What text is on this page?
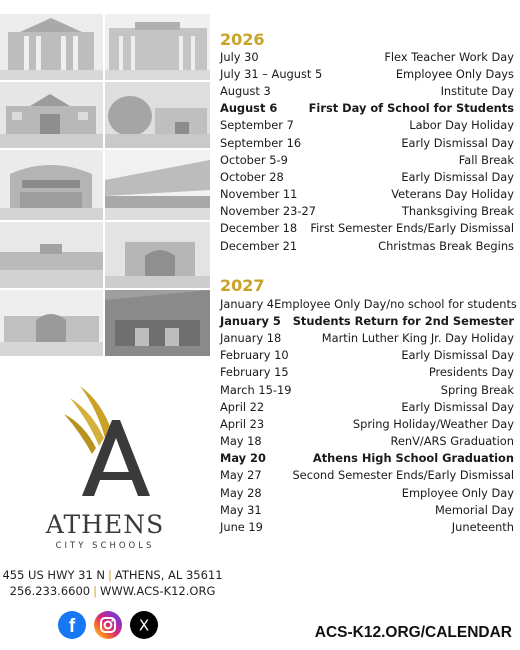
ATHENS
CITY SCHOOLS
455 US HWY 31 N | ATHENS, AL 35611
256.233.6600 | WWW.ACS-K12.ORG
f	X	ACS-K12.ORG/CALENDAR
2026
July 30	Flex Teacher Work Day
July 31 – August 5	Employee Only Days
August 3	Institute Day
August 6	First Day of School for Students
September 7	Labor Day Holiday
September 16	Early Dismissal Day
October 5-9	Fall Break
October 28	Early Dismissal Day
November 11	Veterans Day Holiday
November 23-27	Thanksgiving Break
December 18	First Semester Ends/Early Dismissal
December 21	Christmas Break Begins
2027
January 4 Employee Only Day/no school for students
January 5	Students Return for 2nd Semester
January 18	Martin Luther King Jr. Day Holiday
February 10	Early Dismissal Day
February 15	Presidents Day
March 15-19	Spring Break
April 22	Early Dismissal Day
April 23	Spring Holiday/Weather Day
May 18	RenV/ARS Graduation
May 20	Athens High School Graduation
May 27	Second Semester Ends/Early Dismissal
May 28	Employee Only Day
May 31	Memorial Day
June 19	Juneteenth
